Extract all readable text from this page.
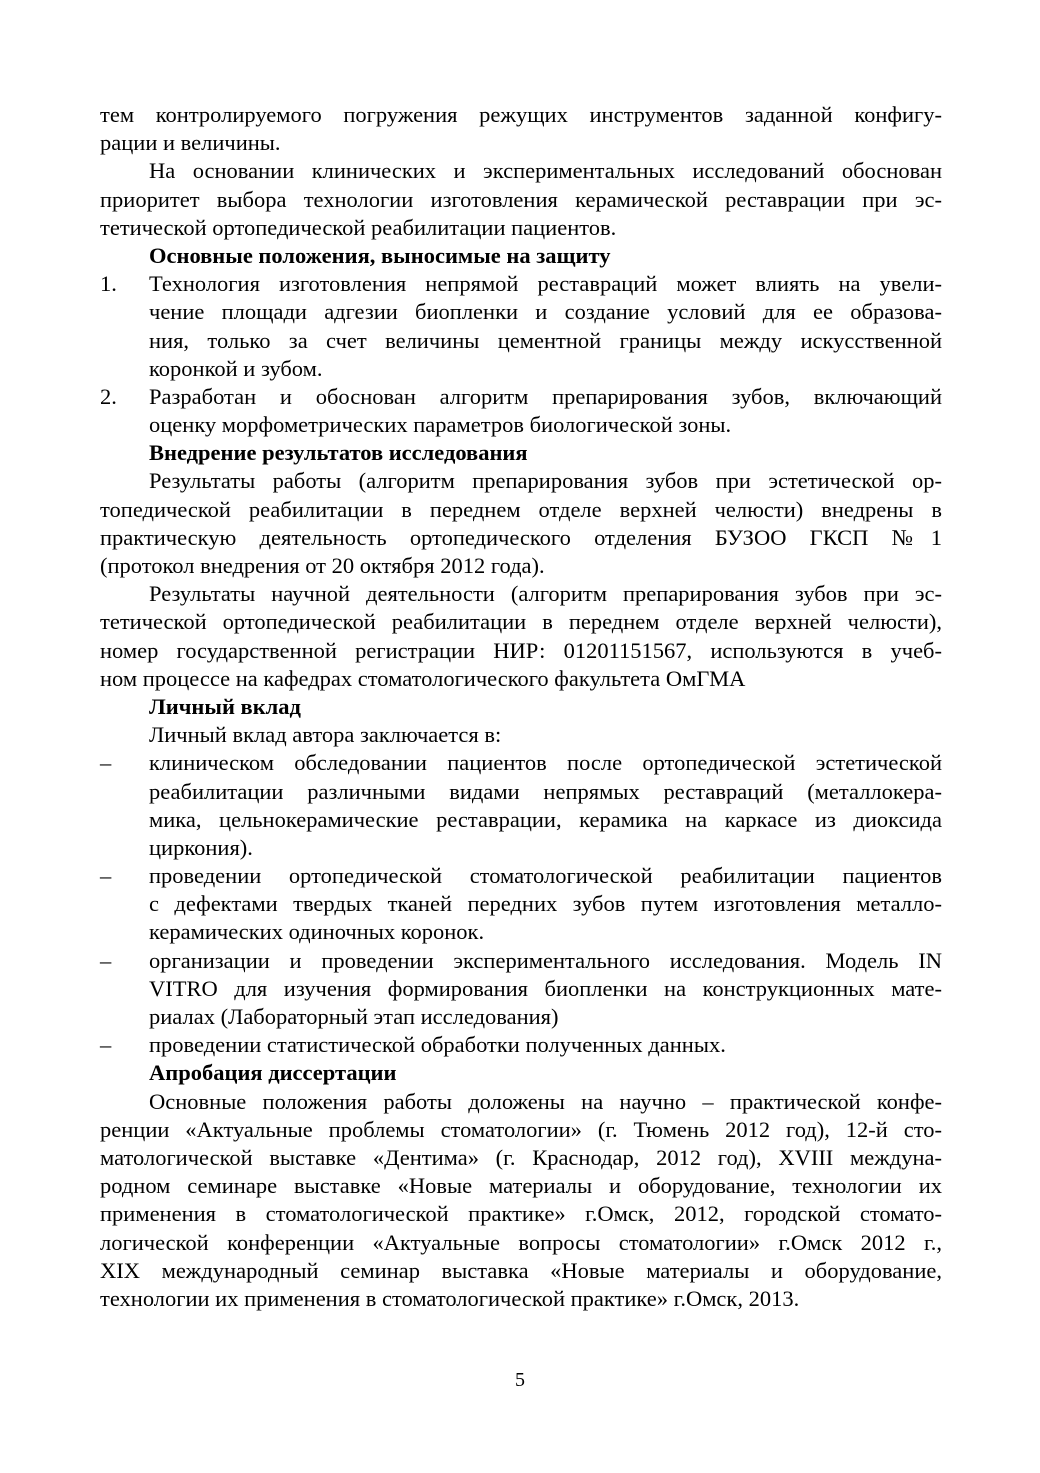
тем контролируемого погружения режущих инструментов заданной конфигу-
рации и величины.
На основании клинических и экспериментальных исследований обоснован
приоритет выбора технологии изготовления керамической реставрации при эс-
тетической ортопедической реабилитации пациентов.
Основные положения, выносимые на защиту
1.	Технология изготовления непрямой реставраций может влиять на увели-
чение площади адгезии биопленки и создание условий для ее образова-
ния, только за счет величины цементной границы между искусственной
коронкой и зубом.
2.	Разработан и обоснован алгоритм препарирования зубов, включающий
оценку морфометрических параметров биологической зоны.
Внедрение результатов исследования
Результаты работы (алгоритм препарирования зубов при эстетической ор-
топедической реабилитации в переднем отделе верхней челюсти) внедрены в
практическую деятельность ортопедического отделения БУЗОО ГКСП №1
(протокол внедрения от 20 октября 2012 года).
Результаты научной деятельности (алгоритм препарирования зубов при эс-
тетической ортопедической реабилитации в переднем отделе верхней челюсти),
номер государственной регистрации НИР: 01201151567, используются в учеб-
ном процессе на кафедрах стоматологического факультета ОмГМА
Личный вклад
Личный вклад автора заключается в:
–	клиническом обследовании пациентов после ортопедической эстетической
реабилитации различными видами непрямых реставраций (металлокера-
мика, цельнокерамические реставрации, керамика на каркасе из диоксида
циркония).
–	проведении ортопедической стоматологической реабилитации пациентов
с дефектами твердых тканей передних зубов путем изготовления металло-
керамических одиночных коронок.
–	организации и проведении экспериментального исследования. Модель IN
VITRO для изучения формирования биопленки на конструкционных мате-
риалах (Лабораторный этап исследования)
–	проведении статистической обработки полученных данных.
Апробация диссертации
Основные положения работы доложены на научно – практической конфе-
ренции «Актуальные проблемы стоматологии» (г. Тюмень 2012 год), 12-й сто-
матологической выставке «Дентима» (г. Краснодар, 2012 год), XVIII междуна-
родном семинаре выставке «Новые материалы и оборудование, технологии их
применения в стоматологической практике» г.Омск, 2012, городской стомато-
логической конференции «Актуальные вопросы стоматологии» г.Омск 2012 г.,
XIX международный семинар выставка «Новые материалы и оборудование,
технологии их применения в стоматологической практике» г.Омск, 2013.
5
